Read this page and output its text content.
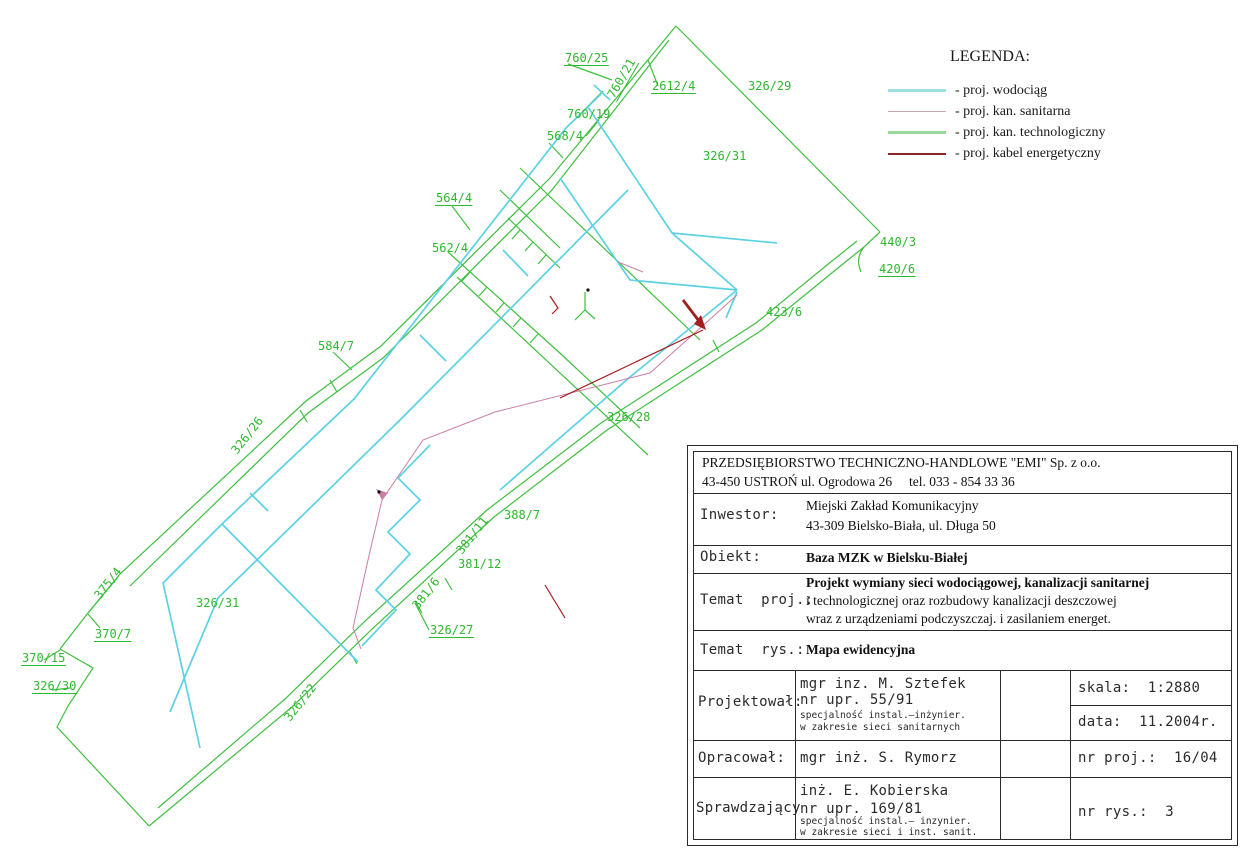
760/25
760/21 2612/4	326/29
760/19
568/4
326/31
564/4
562/4	440/3
420/6
423/6
584/7
326/26	326/28
388/7
381/11
381/12
381/6
375/4
326/31
370/7	326/27
370/15
326/30	326/22
LEGENDA:
- proj. wodociąg
- proj. kan. sanitarna
- proj. kan. technologiczny
- proj. kabel energetyczny
PRZEDSIĘBIORSTWO TECHNICZNO-HANDLOWE "EMI" Sp. z o.o.
43-450 USTROŃ ul. Ogrodowa 26     tel. 033 - 854 33 36
Inwestor:
Miejski Zakład Komunikacyjny
43-309 Bielsko-Biała, ul. Długa 50
Obiekt:	Baza MZK w Bielsku-Białej
Temat  proj.:
Projekt wymiany sieci wodociągowej, kanalizacji sanitarnej
i technologicznej oraz rozbudowy kanalizacji deszczowej
wraz z urządzeniami podczyszczaj. i zasilaniem energet.
Temat  rys.: Mapa ewidencyjna
Projektował:
mgr inz. M. Sztefek
nr upr. 55/91
specjalność instal.—inżynier.
w zakresie sieci sanitarnych
skala:  1:2880
data:  11.2004r.
Opracował: mgr inż. S. Rymorz	nr proj.:  16/04
Sprawdzający
inż. E. Kobierska
nr upr. 169/81
specjalność instal.– inzynier.
w zakresie sieci i inst. sanit.
nr rys.:  3
